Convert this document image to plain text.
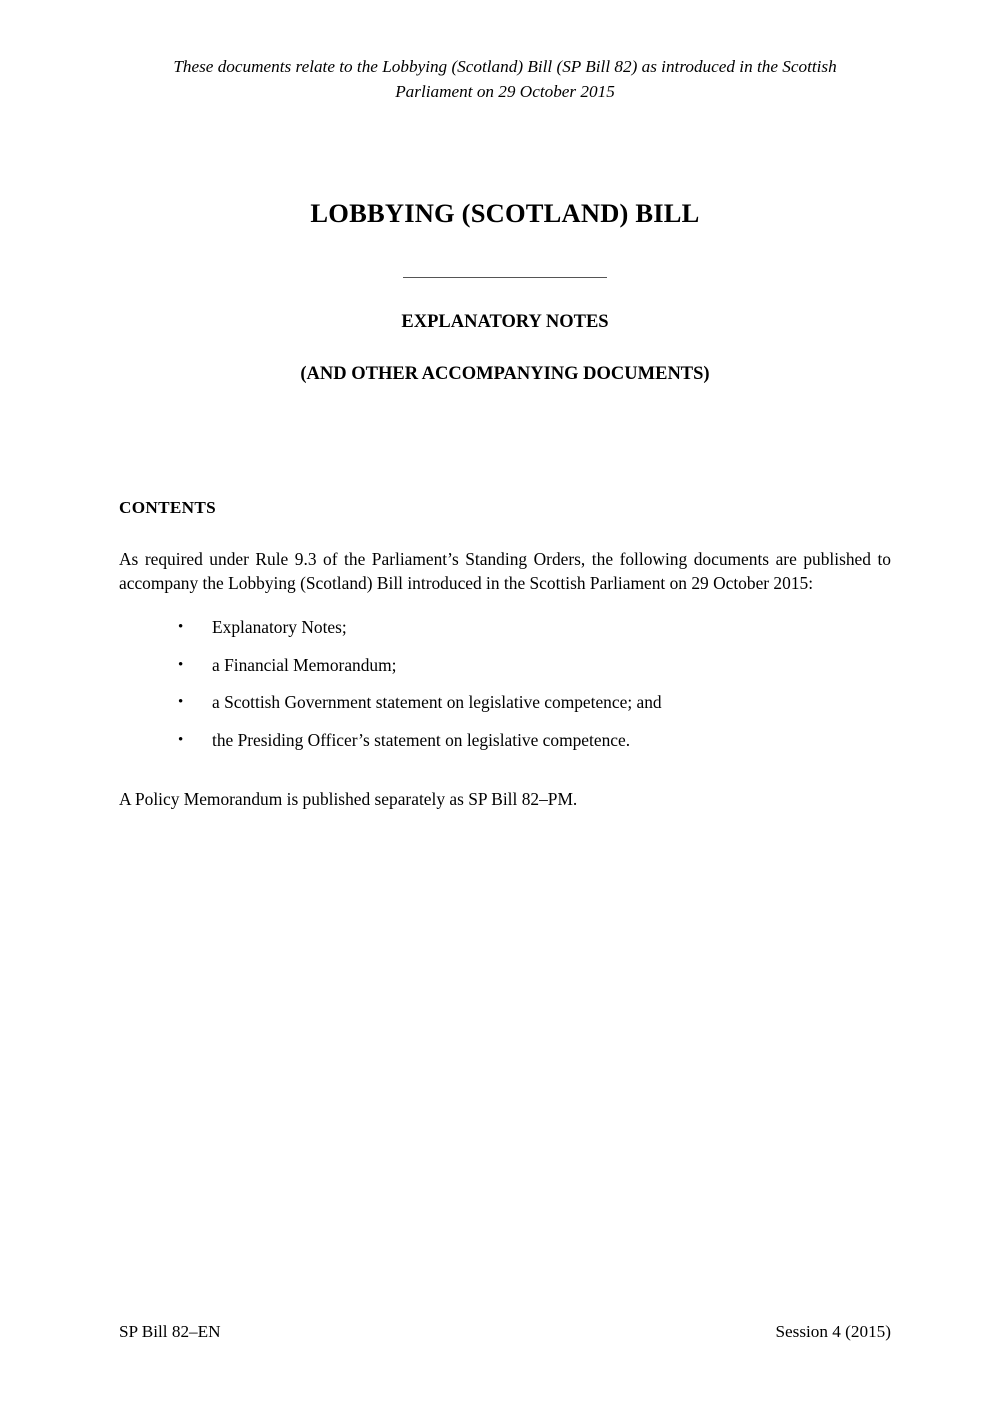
These documents relate to the Lobbying (Scotland) Bill (SP Bill 82) as introduced in the Scottish
Parliament on 29 October 2015
LOBBYING (SCOTLAND) BILL
EXPLANATORY NOTES
(AND OTHER ACCOMPANYING DOCUMENTS)
CONTENTS

As required under Rule 9.3 of the Parliament’s Standing Orders, the following documents are published to accompany the Lobbying (Scotland) Bill introduced in the Scottish Parliament on 29 October 2015:

• Explanatory Notes;
• a Financial Memorandum;
• a Scottish Government statement on legislative competence; and
• the Presiding Officer’s statement on legislative competence.

A Policy Memorandum is published separately as SP Bill 82–PM.

SP Bill 82–EN	Session 4 (2015)
